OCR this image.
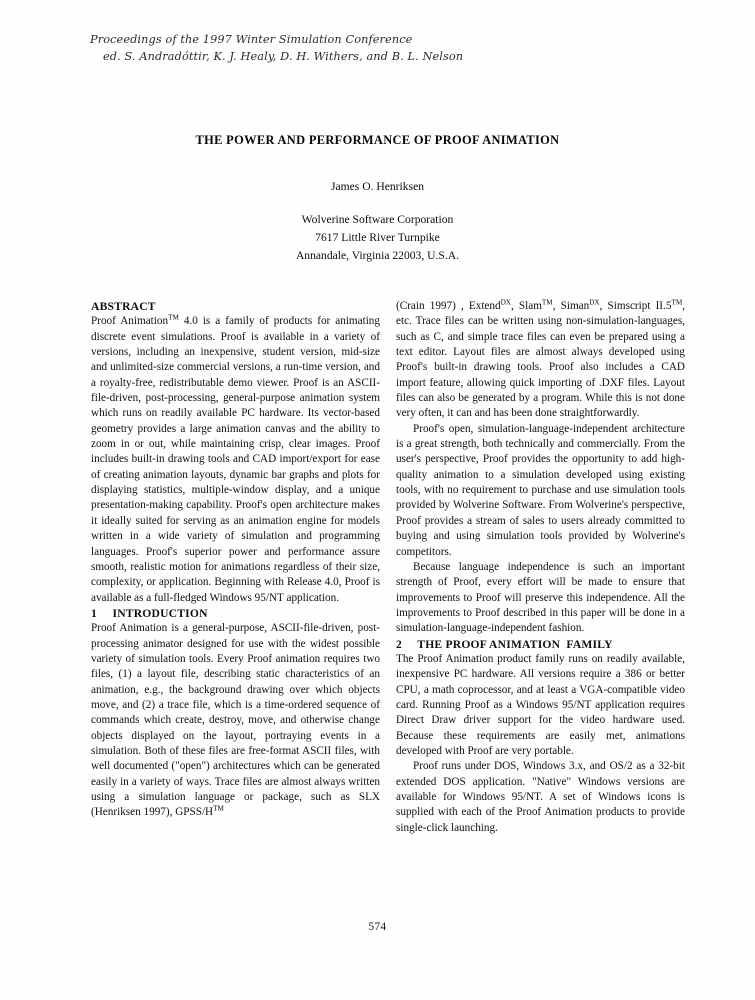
Proceedings of the 1997 Winter Simulation Conference
ed. S. Andradóttir, K. J. Healy, D. H. Withers, and B. L. Nelson
THE POWER AND PERFORMANCE OF PROOF ANIMATION
James O. Henriksen
Wolverine Software Corporation
7617 Little River Turnpike
Annandale, Virginia 22003, U.S.A.
ABSTRACT

Proof Animation™ 4.0 is a family of products for animating discrete event simulations. Proof is available in a variety of versions, including an inexpensive, student version, mid-size and unlimited-size commercial versions, a run-time version, and a royalty-free, redistributable demo viewer. Proof is an ASCII-file-driven, post-processing, general-purpose animation system which runs on readily available PC hardware. Its vector-based geometry provides a large animation canvas and the ability to zoom in or out, while maintaining crisp, clear images. Proof includes built-in drawing tools and CAD import/export for ease of creating animation layouts, dynamic bar graphs and plots for displaying statistics, multiple-window display, and a unique presentation-making capability. Proof's open architecture makes it ideally suited for serving as an animation engine for models written in a wide variety of simulation and programming languages. Proof's superior power and performance assure smooth, realistic motion for animations regardless of their size, complexity, or application. Beginning with Release 4.0, Proof is available as a full-fledged Windows 95/NT application.

1     INTRODUCTION

Proof Animation is a general-purpose, ASCII-file-driven, post-processing animator designed for use with the widest possible variety of simulation tools. Every Proof animation requires two files, (1) a layout file, describing static characteristics of an animation, e.g., the background drawing over which objects move, and (2) a trace file, which is a time-ordered sequence of commands which create, destroy, move, and otherwise change objects displayed on the layout, portraying events in a simulation. Both of these files are free-format ASCII files, with well documented ("open") architectures which can be generated easily in a variety of ways. Trace files are almost always written using a simulation language or package, such as SLX (Henriksen 1997), GPSS/H™

(Crain 1997) , Extend$^{DX}$, Slam™, Siman$^{DX}$, Simscript II.5™, etc. Trace files can be written using non-simulation-languages, such as C, and simple trace files can even be prepared using a text editor. Layout files are almost always developed using Proof's built-in drawing tools. Proof also includes a CAD import feature, allowing quick importing of .DXF files. Layout files can also be generated by a program. While this is not done very often, it can and has been done straightforwardly.

Proof's open, simulation-language-independent architecture is a great strength, both technically and commercially. From the user's perspective, Proof provides the opportunity to add high-quality animation to a simulation developed using existing tools, with no requirement to purchase and use simulation tools provided by Wolverine Software. From Wolverine's perspective, Proof provides a stream of sales to users already committed to buying and using simulation tools provided by Wolverine's competitors.

Because language independence is such an important strength of Proof, every effort will be made to ensure that improvements to Proof will preserve this independence. All the improvements to Proof described in this paper will be done in a simulation-language-independent fashion.

2     THE PROOF ANIMATION  FAMILY

The Proof Animation product family runs on readily available, inexpensive PC hardware. All versions require a 386 or better CPU, a math coprocessor, and at least a VGA-compatible video card. Running Proof as a Windows 95/NT application requires Direct Draw driver support for the video hardware used. Because these requirements are easily met, animations developed with Proof are very portable.

Proof runs under DOS, Windows 3.x, and OS/2 as a 32-bit extended DOS application. "Native" Windows versions are available for Windows 95/NT. A set of Windows icons is supplied with each of the Proof Animation products to provide single-click launching.

574
